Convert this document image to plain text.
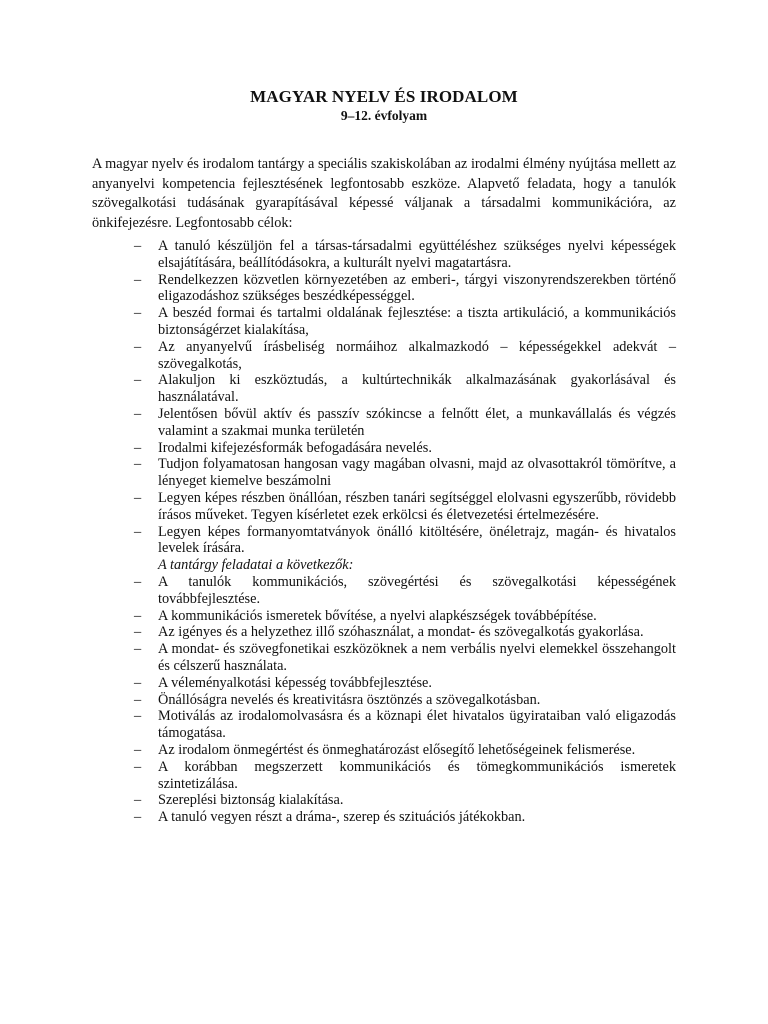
MAGYAR NYELV ÉS IRODALOM
9–12. évfolyam

A magyar nyelv és irodalom tantárgy a speciális szakiskolában az irodalmi élmény nyújtása mellett az anyanyelvi kompetencia fejlesztésének legfontosabb eszköze. Alapvető feladata, hogy a tanulók szövegalkotási tudásának gyarapításával képessé váljanak a társadalmi kommunikációra, az önkifejezésre. Legfontosabb célok:

– A tanuló készüljön fel a társas-társadalmi együttéléshez szükséges nyelvi képességek elsajátítására, beállítódásokra, a kulturált nyelvi magatartásra.
– Rendelkezzen közvetlen környezetében az emberi-, tárgyi viszonyrendszerekben történő eligazodáshoz szükséges beszédképességgel.
– A beszéd formai és tartalmi oldalának fejlesztése: a tiszta artikuláció, a kommunikációs biztonságérzet kialakítása,
– Az anyanyelvű írásbeliség normáihoz alkalmazkodó – képességekkel adekvát – szövegalkotás,
– Alakuljon ki eszköztudás, a kultúrtechnikák alkalmazásának gyakorlásával és használatával.
– Jelentősen bővül aktív és passzív szókincse a felnőtt élet, a munkavállalás és végzés valamint a szakmai munka területén
– Irodalmi kifejezésformák befogadására nevelés.
– Tudjon folyamatosan hangosan vagy magában olvasni, majd az olvasottakról tömörítve, a lényeget kiemelve beszámolni
– Legyen képes részben önállóan, részben tanári segítséggel elolvasni egyszerűbb, rövidebb írásos műveket. Tegyen kísérletet ezek erkölcsi és életvezetési értelmezésére.
– Legyen képes formanyomtatványok önálló kitöltésére, önéletrajz, magán- és hivatalos levelek írására.
A tantárgy feladatai a következők:
– A tanulók kommunikációs, szövegértési és szövegalkotási képességének továbbfejlesztése.
– A kommunikációs ismeretek bővítése, a nyelvi alapkészségek továbbépítése.
– Az igényes és a helyzethez illő szóhasználat, a mondat- és szövegalkotás gyakorlása.
– A mondat- és szövegfonetikai eszközöknek a nem verbális nyelvi elemekkel összehangolt és célszerű használata.
– A véleményalkotási képesség továbbfejlesztése.
– Önállóságra nevelés és kreativitásra ösztönzés a szövegalkotásban.
– Motiválás az irodalomolvasásra és a köznapi élet hivatalos ügyirataiban való eligazodás támogatása.
– Az irodalom önmegértést és önmeghatározást elősegítő lehetőségeinek felismerése.
– A korábban megszerzett kommunikációs és tömegkommunikációs ismeretek szintetizálása.
– Szereplési biztonság kialakítása.
– A tanuló vegyen részt a dráma-, szerep és szituációs játékokban.
